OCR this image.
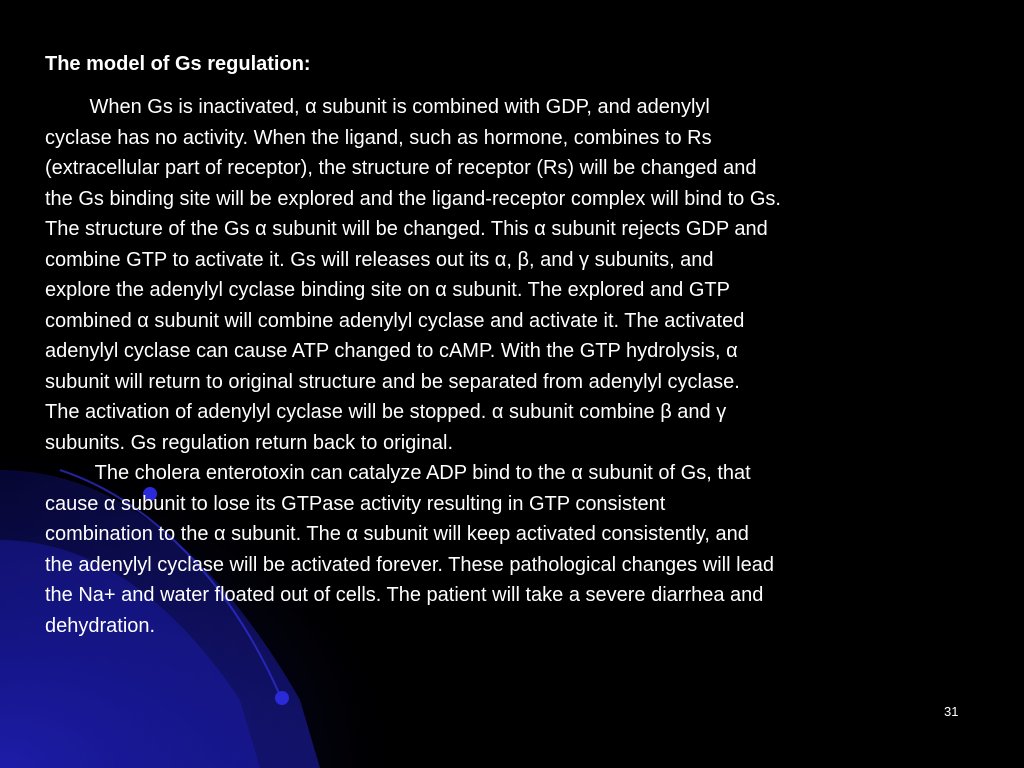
The model of Gs regulation:

When Gs is inactivated, α subunit is combined with GDP, and adenylyl
cyclase has no activity. When the ligand, such as hormone, combines to Rs
(extracellular part of receptor), the structure of receptor (Rs) will be changed and
the Gs binding site will be explored and the ligand-receptor complex will bind to Gs.
The structure of the Gs α subunit will be changed. This α subunit rejects GDP and
combine GTP to activate it. Gs will releases out its α, β, and γ subunits, and
explore the adenylyl cyclase binding site on α subunit. The explored and GTP
combined α subunit will combine adenylyl cyclase and activate it. The activated
adenylyl cyclase can cause ATP changed to cAMP. With the GTP hydrolysis, α
subunit will return to original structure and be separated from adenylyl cyclase.
The activation of adenylyl cyclase will be stopped. α subunit combine β and γ
subunits. Gs regulation return back to original.

The cholera enterotoxin can catalyze ADP bind to the α subunit of Gs, that
cause α subunit to lose its GTPase activity resulting in GTP consistent
combination to the α subunit. The α subunit will keep activated consistently, and
the adenylyl cyclase will be activated forever. These pathological changes will lead
the Na+ and water floated out of cells. The patient will take a severe diarrhea and
dehydration.

31
